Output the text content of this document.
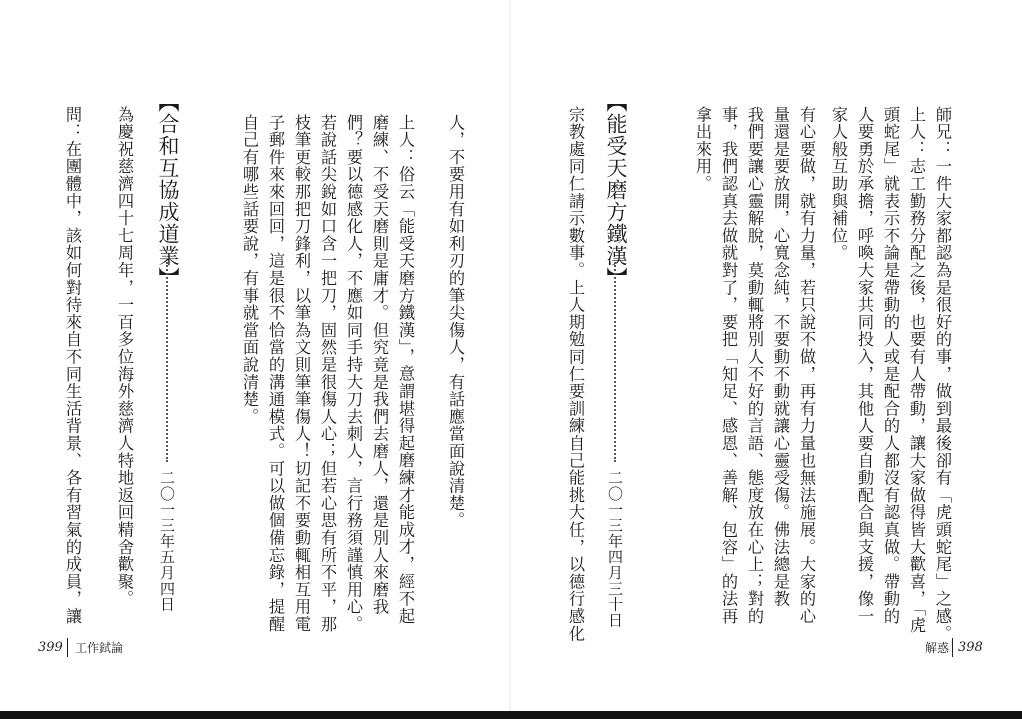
師兄：一件大家都認為是很好的事，做到最後卻有「虎頭蛇尾」之感。
上人：志工勤務分配之後，也要有人帶動，讓大家做得皆大歡喜，「虎
頭蛇尾」就表示不論是帶動的人或是配合的人都沒有認真做。帶動的
人要勇於承擔，呼喚大家共同投入，其他人要自動配合與支援，像一
家人般互助與補位。
有心要做，就有力量，若只說不做，再有力量也無法施展。大家的心
量還是要放開，心寬念純，不要動不動就讓心靈受傷。佛法總是教
我們要讓心靈解脫，莫動輒將別人不好的言語、態度放在心上；對的
事，我們認真去做就對了，要把「知足、感恩、善解、包容」的法再
拿出來用。
【能受天磨方鐵漢】
二〇一三年四月三十日
宗教處同仁請示數事。上人期勉同仁要訓練自己能挑大任，以德行感化
人，不要用有如利刃的筆尖傷人，有話應當面說清楚。
上人：俗云「能受天磨方鐵漢」，意謂堪得起磨練才能成才，經不起
磨練、不受天磨則是庸才。但究竟是我們去磨人，還是別人來磨我
們？要以德感化人，不應如同手持大刀去刺人，言行務須謹慎用心。
若說話尖銳如口含一把刀，固然是很傷人心；但若心思有所不平，那
枝筆更較那把刀鋒利，以筆為文則筆筆傷人！切記不要動輒相互用電
子郵件來來回回，這是很不恰當的溝通模式。可以做個備忘錄，提醒
自己有哪些話要說，有事就當面說清楚。
【合和互協成道業】
二〇一三年五月四日
為慶祝慈濟四十七周年，一百多位海外慈濟人特地返回精舍歡聚。
問：在團體中，該如何對待來自不同生活背景、各有習氣的成員，讓
399 工作鉽論	解惑 398
